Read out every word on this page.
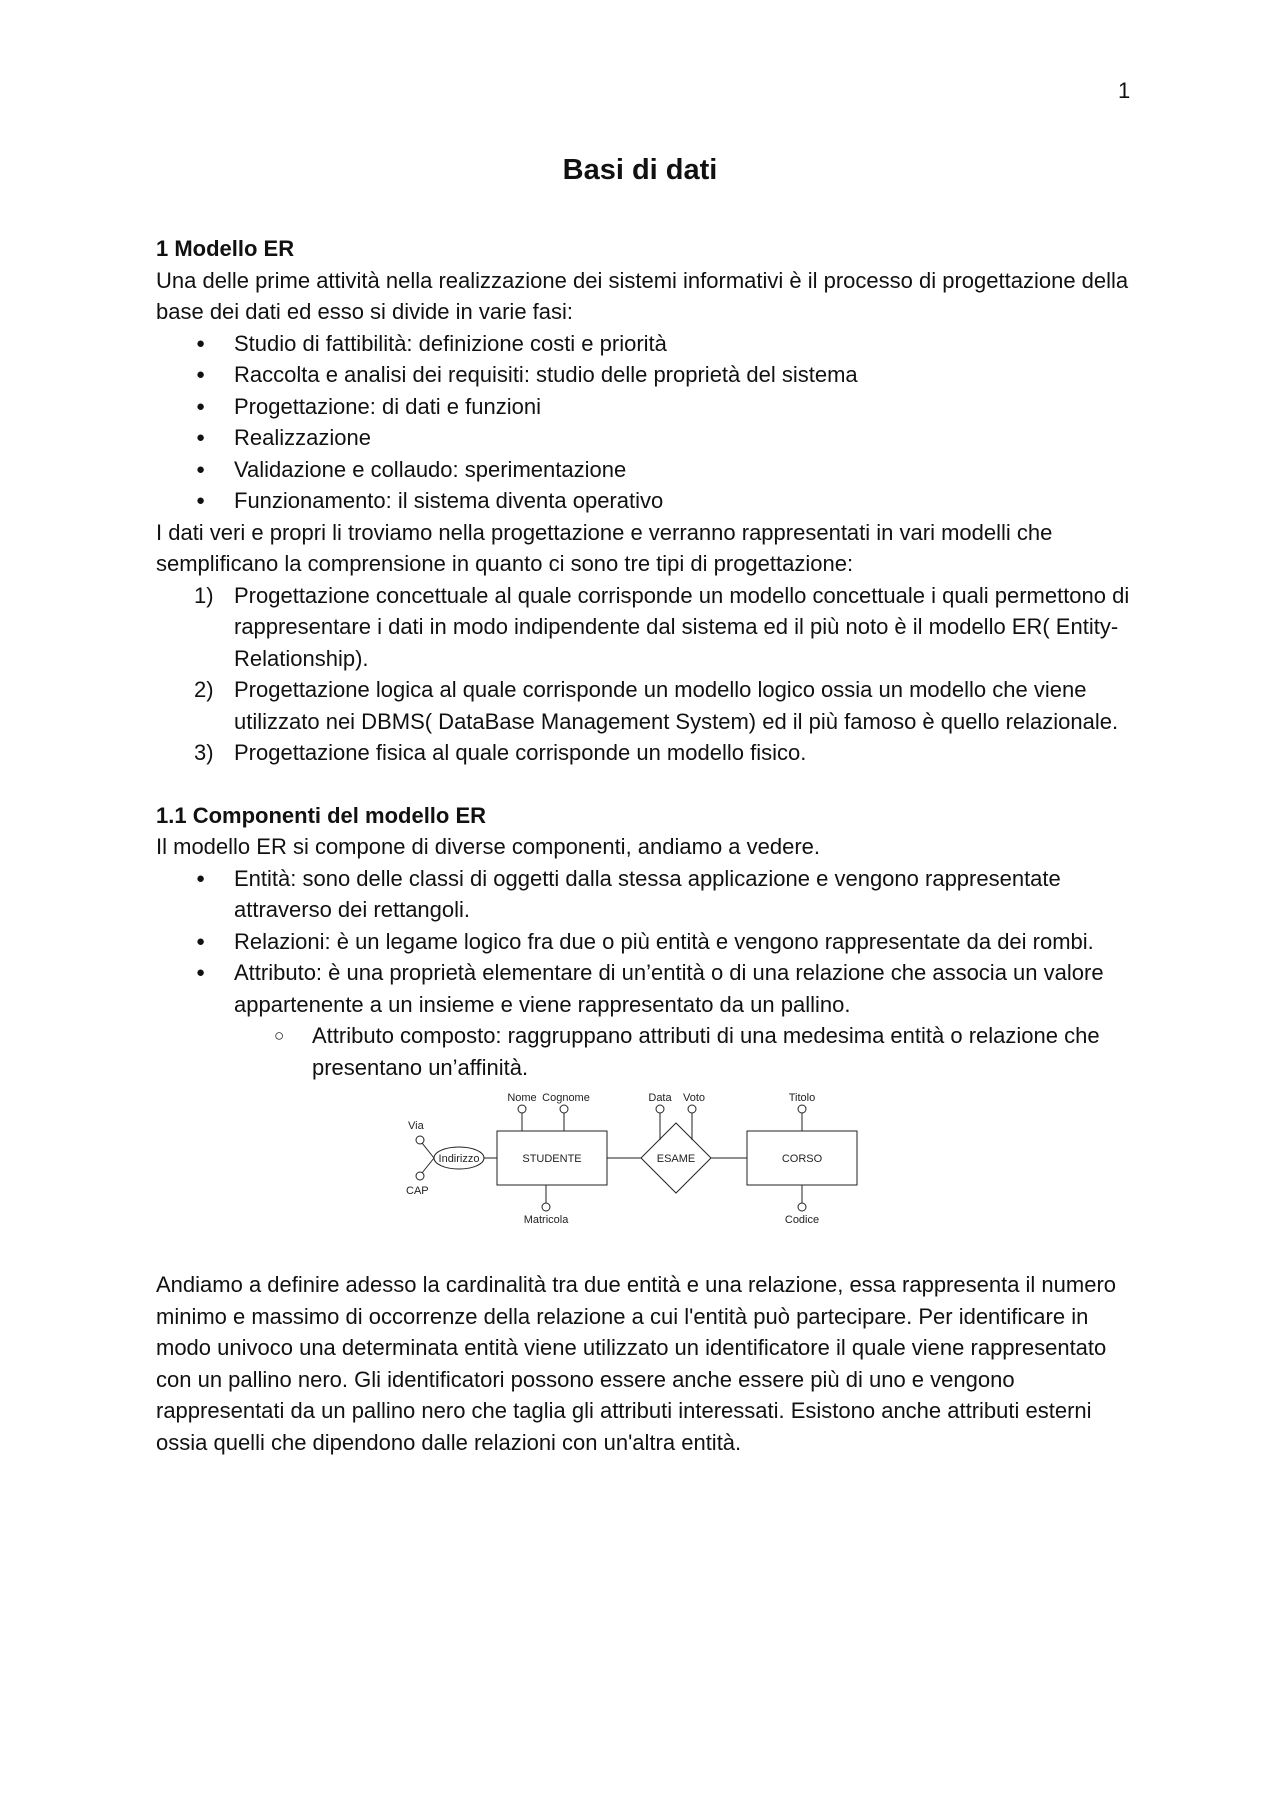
1
Basi di dati
1 Modello ER

Una delle prime attività nella realizzazione dei sistemi informativi è il processo di progettazione della base dei dati ed esso si divide in varie fasi:

● Studio di fattibilità: definizione costi e priorità
● Raccolta e analisi dei requisiti: studio delle proprietà del sistema
● Progettazione: di dati e funzioni
● Realizzazione
● Validazione e collaudo: sperimentazione
● Funzionamento: il sistema diventa operativo

I dati veri e propri li troviamo nella progettazione e verranno rappresentati in vari modelli che semplificano la comprensione in quanto ci sono tre tipi di progettazione:

1) Progettazione concettuale al quale corrisponde un modello concettuale i quali permettono di rappresentare i dati in modo indipendente dal sistema ed il più noto è il modello ER( Entity-Relationship).
2) Progettazione logica al quale corrisponde un modello logico ossia un modello che viene utilizzato nei DBMS( DataBase Management System) ed il più famoso è quello relazionale.
3) Progettazione fisica al quale corrisponde un modello fisico.
1.1 Componenti del modello ER

Il modello ER si compone di diverse componenti, andiamo a vedere.

● Entità: sono delle classi di oggetti dalla stessa applicazione e vengono rappresentate attraverso dei rettangoli.
● Relazioni: è un legame logico fra due o più entità e vengono rappresentate da dei rombi.
● Attributo: è una proprietà elementare di un’entità o di una relazione che associa un valore appartenente a un insieme e viene rappresentato da un pallino.
○ Attributo composto: raggruppano attributi di una medesima entità o relazione che presentano un’affinità.
Indirizzo	STUDENTE	ESAME	CORSO
Via
CAP
Nome Cognome
Matricola
Data Voto	Titolo
Codice

Andiamo a definire adesso la cardinalità tra due entità e una relazione, essa rappresenta il numero minimo e massimo di occorrenze della relazione a cui l'entità può partecipare. Per identificare in modo univoco una determinata entità viene utilizzato un identificatore il quale viene rappresentato con un pallino nero. Gli identificatori possono essere anche essere più di uno e vengono rappresentati da un pallino nero che taglia gli attributi interessati. Esistono anche attributi esterni ossia quelli che dipendono dalle relazioni con un'altra entità.
